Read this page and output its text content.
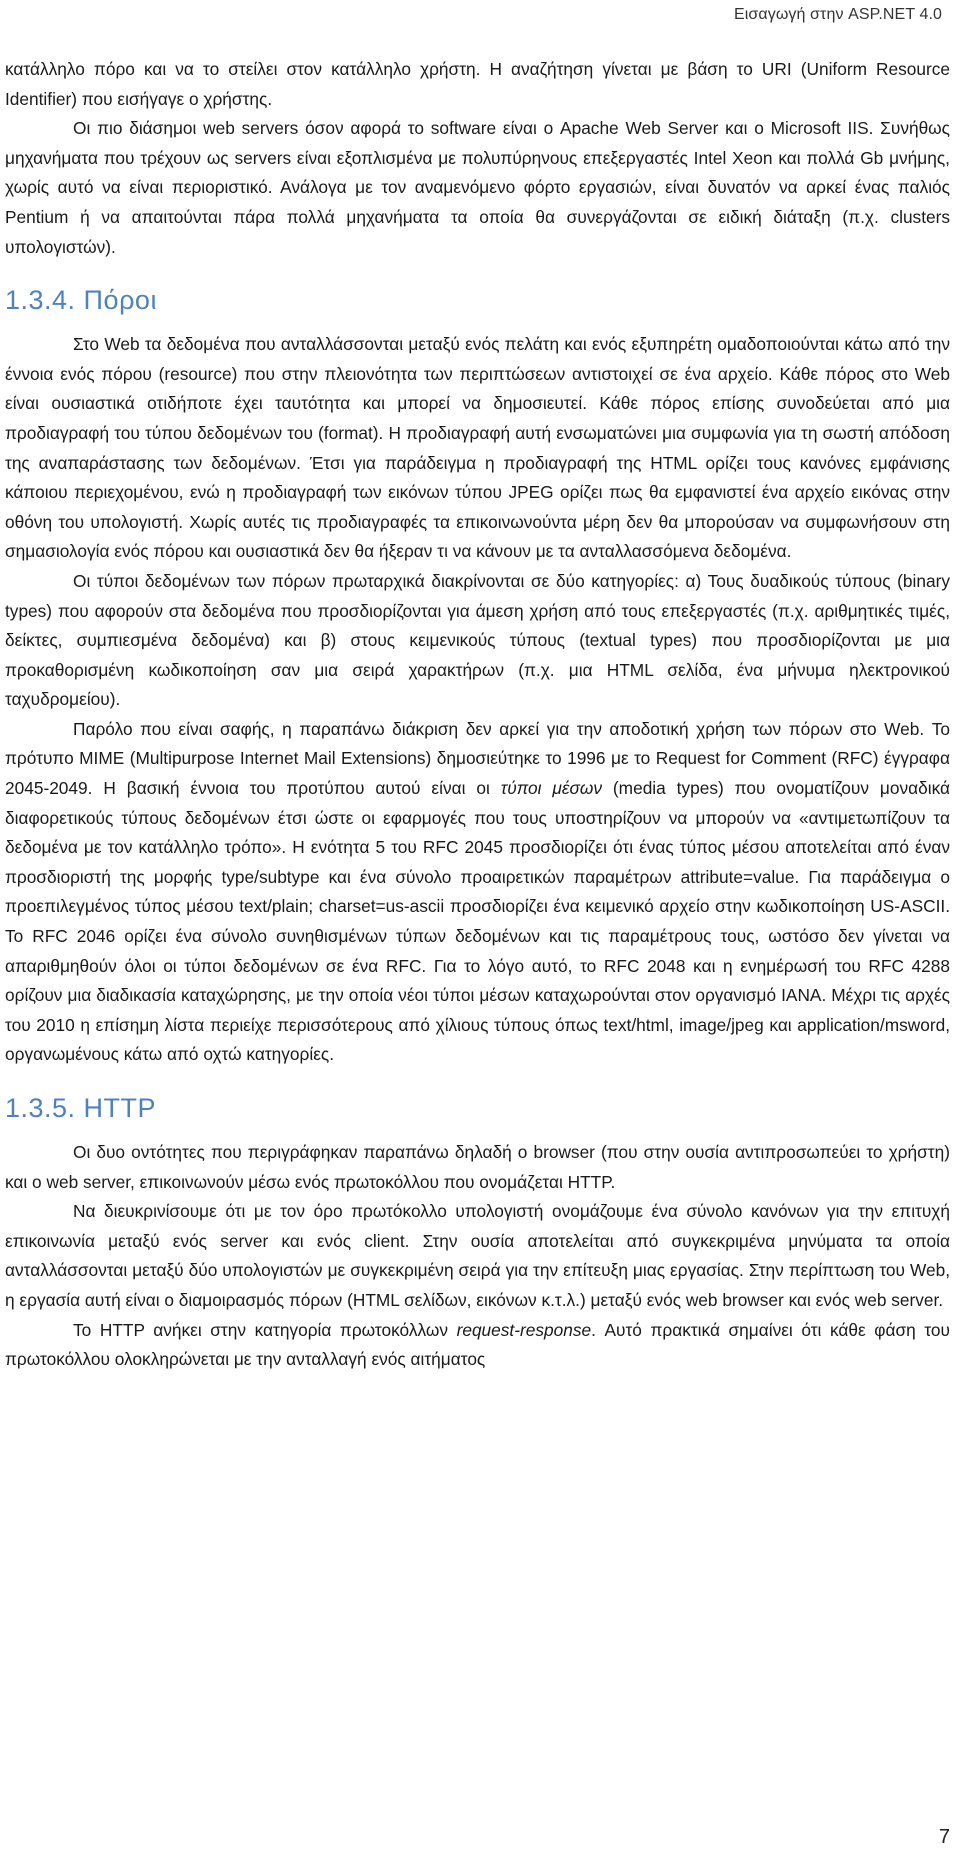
Εισαγωγή στην ASP.NET 4.0

κατάλληλο πόρο και να το στείλει στον κατάλληλο χρήστη. Η αναζήτηση γίνεται με βάση το URI (Uniform Resource Identifier) που εισήγαγε ο χρήστης.

Οι πιο διάσημοι web servers όσον αφορά το software είναι ο Apache Web Server και ο Microsoft IIS. Συνήθως μηχανήματα που τρέχουν ως servers είναι εξοπλισμένα με πολυπύρηνους επεξεργαστές Intel Xeon και πολλά Gb μνήμης, χωρίς αυτό να είναι περιοριστικό. Ανάλογα με τον αναμενόμενο φόρτο εργασιών, είναι δυνατόν να αρκεί ένας παλιός Pentium ή να απαιτούνται πάρα πολλά μηχανήματα τα οποία θα συνεργάζονται σε ειδική διάταξη (π.χ. clusters υπολογιστών).

1.3.4. Πόροι

Στο Web τα δεδομένα που ανταλλάσσονται μεταξύ ενός πελάτη και ενός εξυπηρέτη ομαδοποιούνται κάτω από την έννοια ενός πόρου (resource) που στην πλειονότητα των περιπτώσεων αντιστοιχεί σε ένα αρχείο. Κάθε πόρος στο Web είναι ουσιαστικά οτιδήποτε έχει ταυτότητα και μπορεί να δημοσιευτεί. Κάθε πόρος επίσης συνοδεύεται από μια προδιαγραφή του τύπου δεδομένων του (format). Η προδιαγραφή αυτή ενσωματώνει μια συμφωνία για τη σωστή απόδοση της αναπαράστασης των δεδομένων. Έτσι για παράδειγμα η προδιαγραφή της HTML ορίζει τους κανόνες εμφάνισης κάποιου περιεχομένου, ενώ η προδιαγραφή των εικόνων τύπου JPEG ορίζει πως θα εμφανιστεί ένα αρχείο εικόνας στην οθόνη του υπολογιστή. Χωρίς αυτές τις προδιαγραφές τα επικοινωνούντα μέρη δεν θα μπορούσαν να συμφωνήσουν στη σημασιολογία ενός πόρου και ουσιαστικά δεν θα ήξεραν τι να κάνουν με τα ανταλλασσόμενα δεδομένα.

Οι τύποι δεδομένων των πόρων πρωταρχικά διακρίνονται σε δύο κατηγορίες: α) Τους δυαδικούς τύπους (binary types) που αφορούν στα δεδομένα που προσδιορίζονται για άμεση χρήση από τους επεξεργαστές (π.χ. αριθμητικές τιμές, δείκτες, συμπιεσμένα δεδομένα) και β) στους κειμενικούς τύπους (textual types) που προσδιορίζονται με μια προκαθορισμένη κωδικοποίηση σαν μια σειρά χαρακτήρων (π.χ. μια HTML σελίδα, ένα μήνυμα ηλεκτρονικού ταχυδρομείου).

Παρόλο που είναι σαφής, η παραπάνω διάκριση δεν αρκεί για την αποδοτική χρήση των πόρων στο Web. Το πρότυπο MIME (Multipurpose Internet Mail Extensions) δημοσιεύτηκε το 1996 με το Request for Comment (RFC) έγγραφα 2045-2049. Η βασική έννοια του προτύπου αυτού είναι οι τύποι μέσων (media types) που ονοματίζουν μοναδικά διαφορετικούς τύπους δεδομένων έτσι ώστε οι εφαρμογές που τους υποστηρίζουν να μπορούν να «αντιμετωπίζουν τα δεδομένα με τον κατάλληλο τρόπο». Η ενότητα 5 του RFC 2045 προσδιορίζει ότι ένας τύπος μέσου αποτελείται από έναν προσδιοριστή της μορφής type/subtype και ένα σύνολο προαιρετικών παραμέτρων attribute=value. Για παράδειγμα ο προεπιλεγμένος τύπος μέσου text/plain; charset=us-ascii προσδιορίζει ένα κειμενικό αρχείο στην κωδικοποίηση US-ASCII. Το RFC 2046 ορίζει ένα σύνολο συνηθισμένων τύπων δεδομένων και τις παραμέτρους τους, ωστόσο δεν γίνεται να απαριθμηθούν όλοι οι τύποι δεδομένων σε ένα RFC. Για το λόγο αυτό, το RFC 2048 και η ενημέρωσή του RFC 4288 ορίζουν μια διαδικασία καταχώρησης, με την οποία νέοι τύποι μέσων καταχωρούνται στον οργανισμό IANA. Μέχρι τις αρχές του 2010 η επίσημη λίστα περιείχε περισσότερους από χίλιους τύπους όπως text/html, image/jpeg και application/msword, οργανωμένους κάτω από οχτώ κατηγορίες.

1.3.5. HTTP

Οι δυο οντότητες που περιγράφηκαν παραπάνω δηλαδή ο browser (που στην ουσία αντιπροσωπεύει το χρήστη) και ο web server, επικοινωνούν μέσω ενός πρωτοκόλλου που ονομάζεται HTTP.

Να διευκρινίσουμε ότι με τον όρο πρωτόκολλο υπολογιστή ονομάζουμε ένα σύνολο κανόνων για την επιτυχή επικοινωνία μεταξύ ενός server και ενός client. Στην ουσία αποτελείται από συγκεκριμένα μηνύματα τα οποία ανταλλάσσονται μεταξύ δύο υπολογιστών με συγκεκριμένη σειρά για την επίτευξη μιας εργασίας. Στην περίπτωση του Web, η εργασία αυτή είναι ο διαμοιρασμός πόρων (HTML σελίδων, εικόνων κ.τ.λ.) μεταξύ ενός web browser και ενός web server.

Το HTTP ανήκει στην κατηγορία πρωτοκόλλων request-response. Αυτό πρακτικά σημαίνει ότι κάθε φάση του πρωτοκόλλου ολοκληρώνεται με την ανταλλαγή ενός αιτήματος

7
